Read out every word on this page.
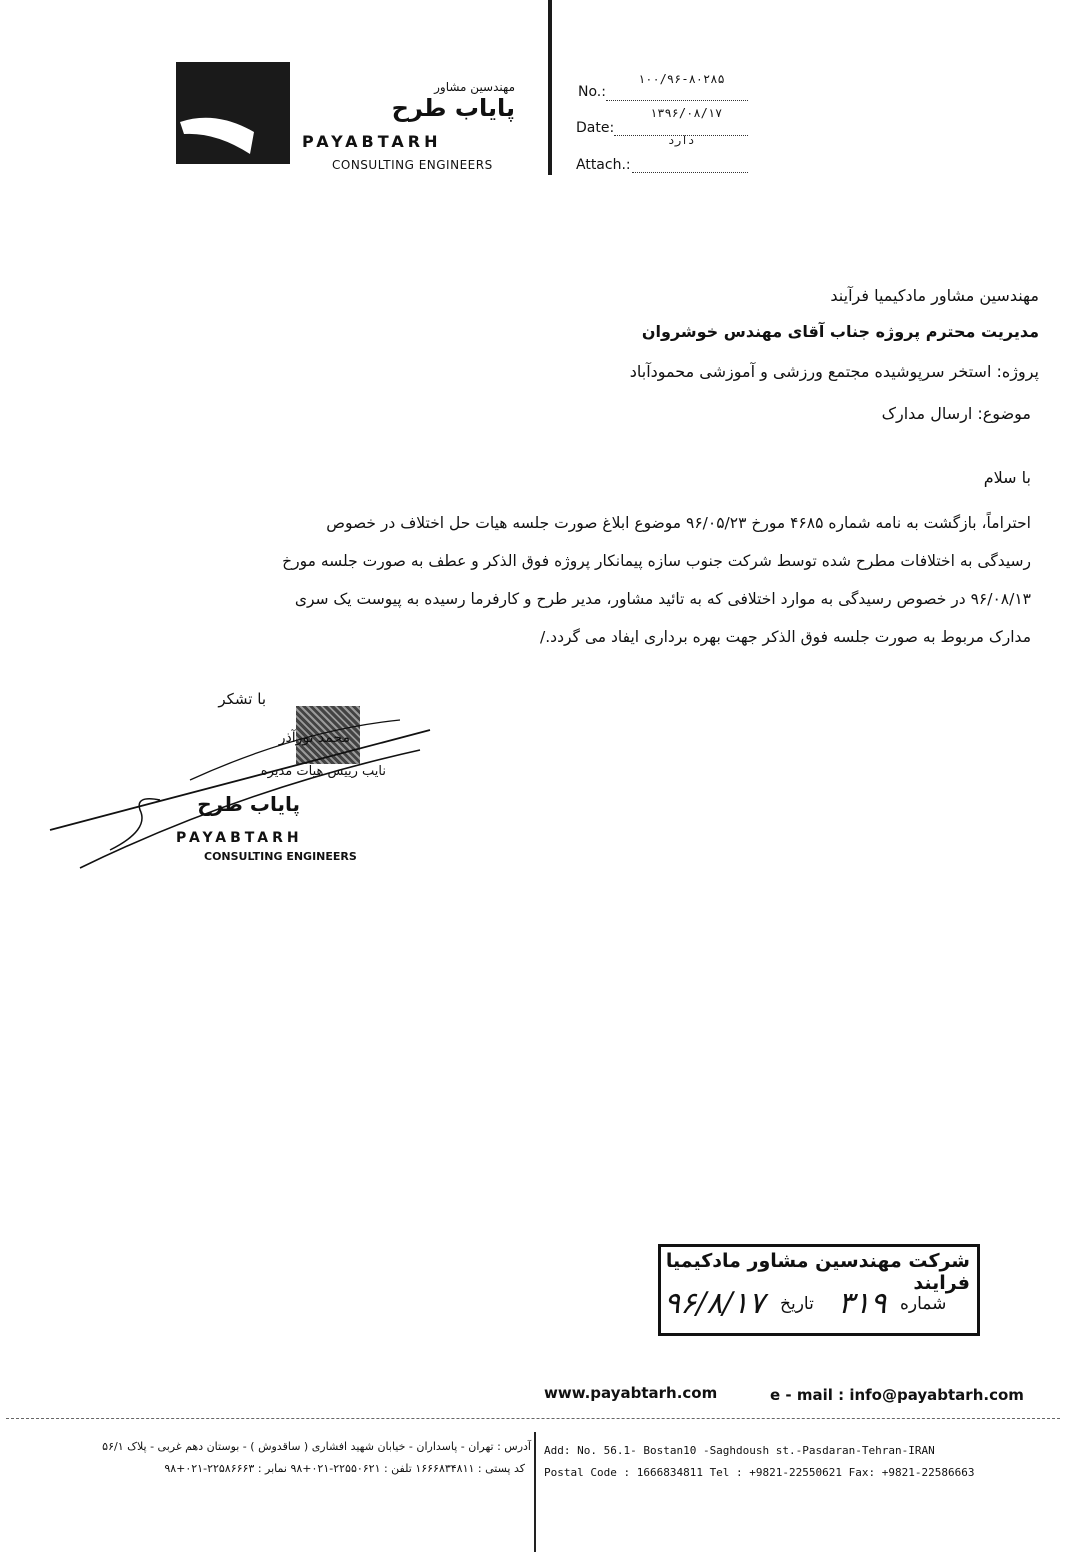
مهندسین مشاور
پایاب طرح
PAYABTARH
CONSULTING ENGINEERS
No.:
۱۰۰/۹۶-۸۰۲۸۵
Date:
۱۳۹۶/۰۸/۱۷
Attach.:
دارد
مهندسین مشاور مادکیمیا فرآیند
مدیریت محترم پروژه جناب آقای مهندس خوشروان
پروژه: استخر سرپوشیده مجتمع ورزشی و آموزشی محمودآباد
موضوع: ارسال مدارک
با سلام
احتراماً، بازگشت به نامه شماره ۴۶۸۵ مورخ ۹۶/۰۵/۲۳ موضوع ابلاغ صورت جلسه هیات حل اختلاف در خصوص
رسیدگی به اختلافات مطرح شده توسط شرکت جنوب سازه پیمانکار پروژه فوق الذکر و عطف به صورت جلسه مورخ
۹۶/۰۸/۱۳ در خصوص رسیدگی به موارد اختلافی که به تائید مشاور، مدیر طرح و کارفرما رسیده به پیوست یک سری
مدارک مربوط به صورت جلسه فوق الذکر جهت بهره برداری ایفاد می گردد./
با تشکر
محمد نورآذر
نایب رییس هیات مدیره
پایاب طرح
PAYABTARH
CONSULTING ENGINEERS
شرکت مهندسین مشاور مادکیمیا فرایند
شماره
۳۱۹
تاریخ
۹۶/۸/۱۷
www.payabtarh.com	e - mail : info@payabtarh.com
آدرس : تهران - پاسداران - خیابان شهید افشاری ( ساقدوش ) - بوستان دهم غربی - پلاک ۵۶/۱
کد پستی : ۱۶۶۶۸۳۴۸۱۱ تلفن : ۲۲۵۵۰۶۲۱-۰۲۱+۹۸ نمابر : ۲۲۵۸۶۶۶۳-۰۲۱+۹۸
Add: No. 56.1- Bostan10 -Saghdoush st.-Pasdaran-Tehran-IRAN
Postal Code : 1666834811 Tel : +9821-22550621 Fax: +9821-22586663
